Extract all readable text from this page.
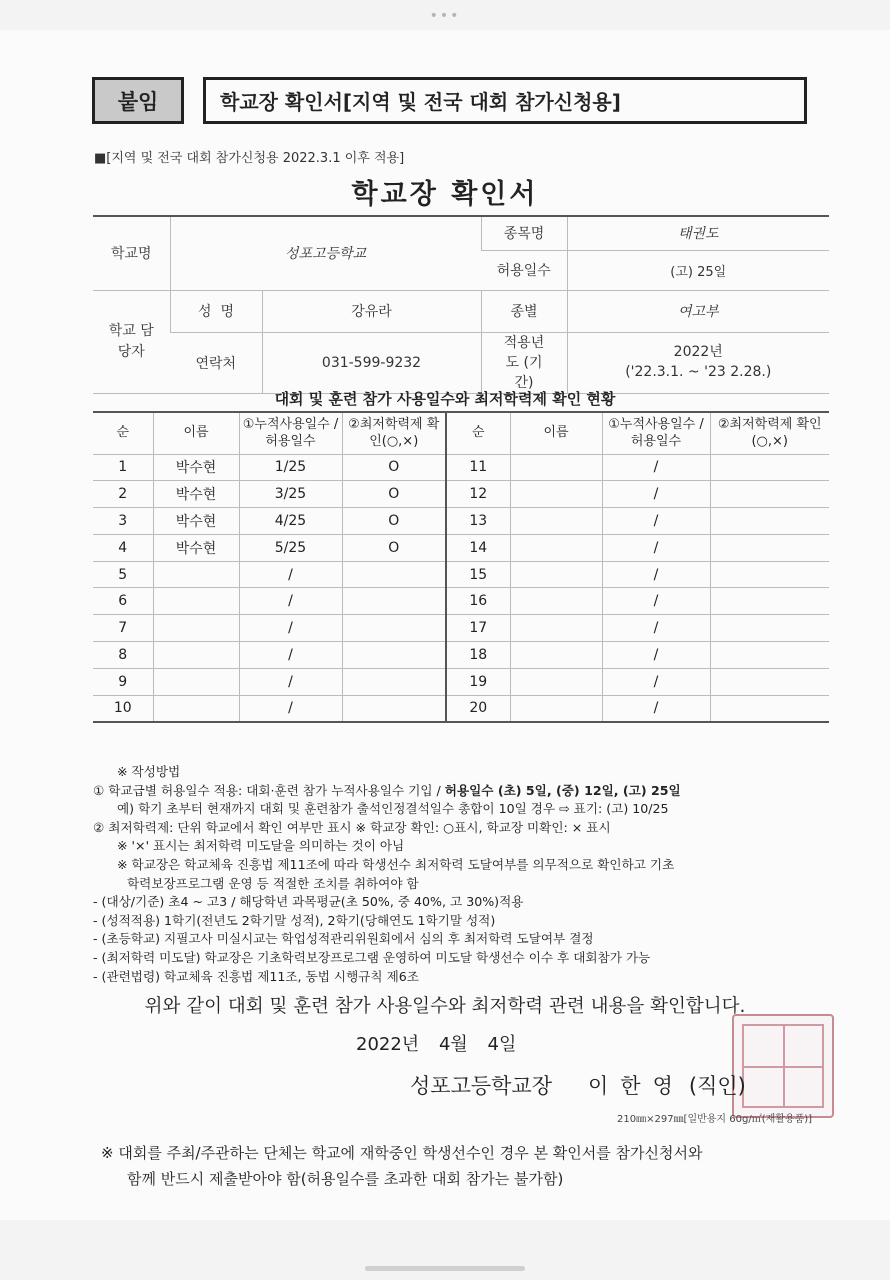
•••
붙임	학교장 확인서[지역 및 전국 대회 참가신청용]
■[지역 및 전국 대회 참가신청용 2022.3.1 이후 적용]
학교장 확인서
학교명	성포고등학교		종목명	태권도
			허용일수	(고) 25일
학교 담당자	성  명	강유라	종별	여고부
	연락처	031-599-9232	적용년도 (기간)	2022년
('22.3.1. ~ '23 2.28.)
대회 및 훈련 참가 사용일수와 최저학력제 확인 현황
순	이름	①누적사용일수 /허용일수	②최저학력제 확인(○,×)	순	이름	①누적사용일수 /허용일수	②최저학력제 확인(○,×)
1	박수현	1/25	O	11		/	
2	박수현	3/25	O	12		/	
3	박수현	4/25	O	13		/	
4	박수현	5/25	O	14		/	
5		/		15		/	
6		/		16		/	
7		/		17		/	
8		/		18		/	
9		/		19		/	
10		/		20		/	
※ 작성방법
① 학교급별 허용일수 적용: 대회·훈련 참가 누적사용일수 기입 / 허용일수 (초) 5일, (중) 12일, (고) 25일
예) 학기 초부터 현재까지 대회 및 훈련참가 출석인정결석일수 총합이 10일 경우 ⇨ 표기: (고) 10/25
② 최저학력제: 단위 학교에서 확인 여부만 표시 ※ 학교장 확인: ○표시, 학교장 미확인: × 표시
※ '×' 표시는 최저학력 미도달을 의미하는 것이 아님
※ 학교장은 학교체육 진흥법 제11조에 따라 학생선수 최저학력 도달여부를 의무적으로 확인하고 기초
학력보장프로그램 운영 등 적절한 조치를 취하여야 함
- (대상/기준) 초4 ~ 고3 / 해당학년 과목평균(초 50%, 중 40%, 고 30%)적용
- (성적적용) 1학기(전년도 2학기말 성적), 2학기(당해연도 1학기말 성적)
- (초등학교) 지필고사 미실시교는 학업성적관리위원회에서 심의 후 최저학력 도달여부 결정
- (최저학력 미도달) 학교장은 기초학력보장프로그램 운영하여 미도달 학생선수 이수 후 대회참가 가능
- (관련법령) 학교체육 진흥법 제11조, 동법 시행규칙 제6조
위와 같이 대회 및 훈련 참가 사용일수와 최저학력 관련 내용을 확인합니다.
2022년 4월 4일
성포고등학교장 이한영 (직인)
210㎜×297㎜[일반용지 60g/㎡(재활용품)]
※ 대회를 주최/주관하는 단체는 학교에 재학중인 학생선수인 경우 본 확인서를 참가신청서와
함께 반드시 제출받아야 함(허용일수를 초과한 대회 참가는 불가함)
